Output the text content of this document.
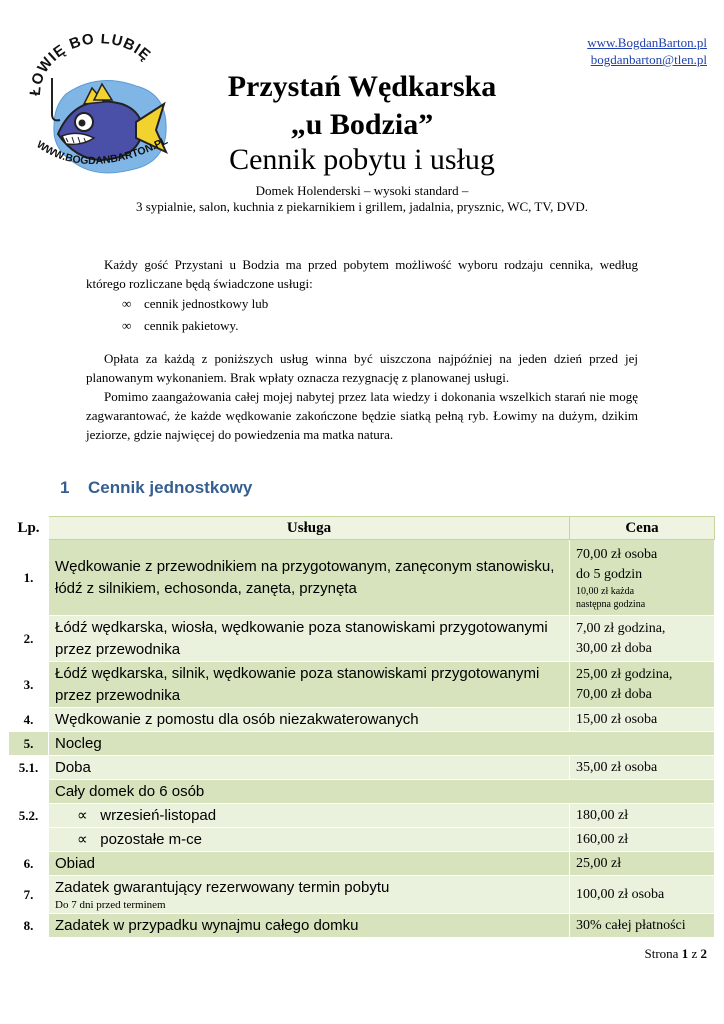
www.BogdanBarton.pl
bogdanbarton@tlen.pl
ŁOWIĘ BO LUBIĘ
WWW.BOGDANBARTON.PL
Przystań Wędkarska
„u Bodzia”
Cennik pobytu i usług
Domek Holenderski – wysoki standard –
3 sypialnie, salon, kuchnia z piekarnikiem i grillem, jadalnia, prysznic, WC, TV, DVD.

Każdy gość Przystani u Bodzia ma przed pobytem możliwość wyboru rodzaju cennika, według którego rozliczane będą świadczone usługi:

∞ cennik jednostkowy lub
∞ cennik pakietowy.

Opłata za każdą z poniższych usług winna być uiszczona najpóźniej na jeden dzień przed jej planowanym wykonaniem. Brak wpłaty oznacza rezygnację z planowanej usługi.

Pomimo zaangażowania całej mojej nabytej przez lata wiedzy i dokonania wszelkich starań nie mogę zagwarantować, że każde wędkowanie zakończone będzie siatką pełną ryb. Łowimy na dużym, dzikim jeziorze, gdzie najwięcej do powiedzenia ma matka natura.

1 Cennik jednostkowy
Lp.	Usługa	Cena
1.	Wędkowanie z przewodnikiem na przygotowanym, zanęconym stanowisku, łódź z silnikiem, echosonda, zanęta, przynęta	70,00 zł osoba
do 5 godzin
10,00 zł każda
następna godzina

2.	Łódź wędkarska, wiosła, wędkowanie poza stanowiskami przygotowanymi przez przewodnika	7,00 zł godzina,
30,00 zł doba

3.	Łódź wędkarska, silnik, wędkowanie poza stanowiskami przygotowanymi przez przewodnika	25,00 zł godzina,
70,00 zł doba

4.	Wędkowanie z pomostu dla osób niezakwaterowanych	15,00 zł osoba
5.	Nocleg	
5.1.	Doba	35,00 zł osoba
5.2.	Cały domek do 6 osób	
	∝ wrzesień-listopad	180,00 zł
	∝ pozostałe m-ce	160,00 zł
6.	Obiad	25,00 zł
7.	Zadatek gwarantujący rezerwowany termin pobytu
Do 7 dni przed terminem	100,00 zł osoba
8.	Zadatek w przypadku wynajmu całego domku	30% całej płatności
Strona 1 z 2
